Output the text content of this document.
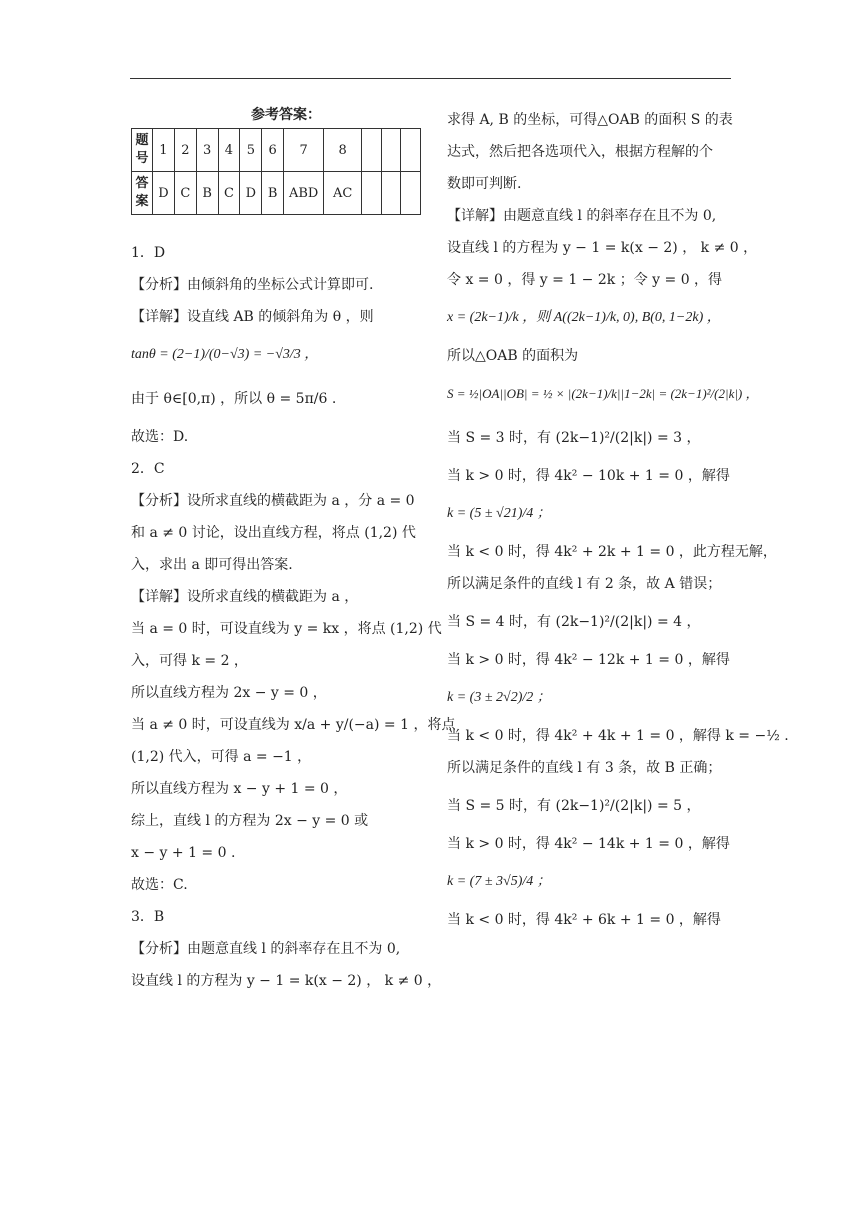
参考答案：
题号	1	2	3	4	5	6	7	8			
答案	D	C	B	C	D	B	ABD	AC			
1．D
【分析】由倾斜角的坐标公式计算即可.
【详解】设直线 AB 的倾斜角为 θ ，则
tanθ = (2−1)/(0−√3) = −√3/3 ，
由于 θ∈[0,π) ，所以 θ = 5π/6 .
故选：D.
2．C
【分析】设所求直线的横截距为 a ，分 a = 0
和 a ≠ 0 讨论，设出直线方程，将点 (1,2) 代
入，求出 a 即可得出答案.
【详解】设所求直线的横截距为 a ，
当 a = 0 时，可设直线为 y = kx ，将点 (1,2) 代
入，可得 k = 2 ，
所以直线方程为 2x − y = 0 ，
当 a ≠ 0 时，可设直线为 x/a + y/(−a) = 1 ，将点
(1,2) 代入，可得 a = −1 ，
所以直线方程为 x − y + 1 = 0 ，
综上，直线 l 的方程为 2x − y = 0 或
x − y + 1 = 0 .
故选：C.
3．B
【分析】由题意直线 l 的斜率存在且不为 0,
设直线 l 的方程为 y − 1 = k(x − 2) ， k ≠ 0 ，
求得 A, B 的坐标，可得△OAB 的面积 S 的表
达式，然后把各选项代入，根据方程解的个
数即可判断.
【详解】由题意直线 l 的斜率存在且不为 0,
设直线 l 的方程为 y − 1 = k(x − 2) ， k ≠ 0 ，
令 x = 0 ，得 y = 1 − 2k ；令 y = 0 ，得
x = (2k−1)/k ，则 A((2k−1)/k, 0), B(0, 1−2k) ，
所以△OAB 的面积为
S = ½|OA||OB| = ½ × |(2k−1)/k||1−2k| = (2k−1)²/(2|k|) ，
当 S = 3 时，有 (2k−1)²/(2|k|) = 3 ，
当 k > 0 时，得 4k² − 10k + 1 = 0 ，解得
k = (5 ± √21)/4 ；
当 k < 0 时，得 4k² + 2k + 1 = 0 ，此方程无解，
所以满足条件的直线 l 有 2 条，故 A 错误；
当 S = 4 时，有 (2k−1)²/(2|k|) = 4 ，
当 k > 0 时，得 4k² − 12k + 1 = 0 ，解得
k = (3 ± 2√2)/2 ；
当 k < 0 时，得 4k² + 4k + 1 = 0 ，解得 k = −½ .
所以满足条件的直线 l 有 3 条，故 B 正确；
当 S = 5 时，有 (2k−1)²/(2|k|) = 5 ，
当 k > 0 时，得 4k² − 14k + 1 = 0 ，解得
k = (7 ± 3√5)/4 ；
当 k < 0 时，得 4k² + 6k + 1 = 0 ，解得
